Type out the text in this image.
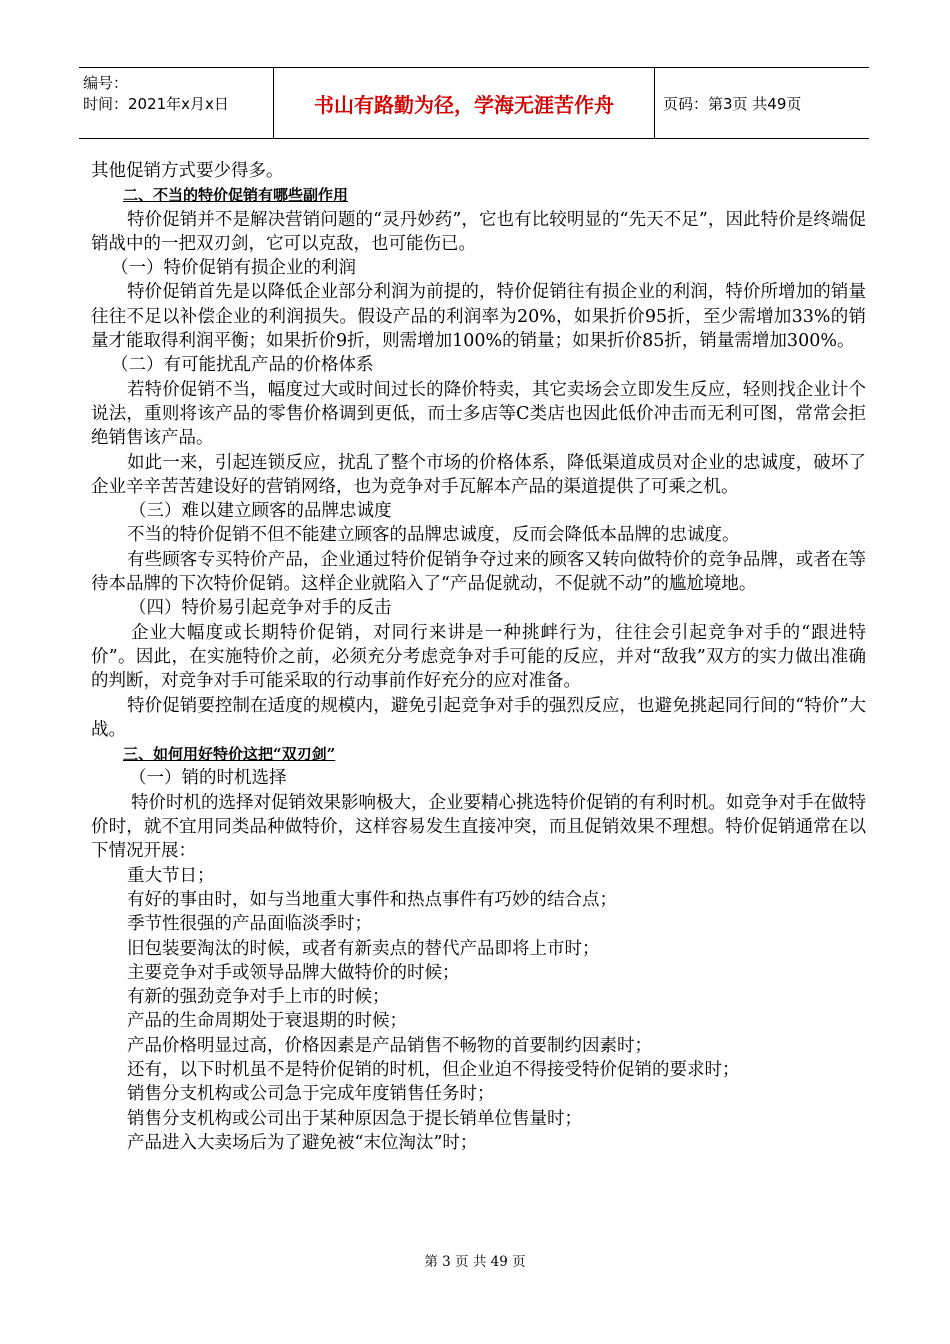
编号：
时间：2021年x月x日	书山有路勤为径，学海无涯苦作舟	页码：第3页 共49页

其他促销方式要少得多。

二、不当的特价促销有哪些副作用

特价促销并不是解决营销问题的“灵丹妙药”，它也有比较明显的“先天不足”，因此特价是终端促销战中的一把双刃剑，它可以克敌，也可能伤已。

（一）特价促销有损企业的利润

特价促销首先是以降低企业部分利润为前提的，特价促销往有损企业的利润，特价所增加的销量往往不足以补偿企业的利润损失。假设产品的利润率为20%，如果折价95折，至少需增加33%的销量才能取得利润平衡；如果折价9折，则需增加100%的销量；如果折价85折，销量需增加300%。

（二）有可能扰乱产品的价格体系

若特价促销不当，幅度过大或时间过长的降价特卖，其它卖场会立即发生反应，轻则找企业计个说法，重则将该产品的零售价格调到更低，而士多店等C类店也因此低价冲击而无利可图，常常会拒绝销售该产品。

如此一来，引起连锁反应，扰乱了整个市场的价格体系，降低渠道成员对企业的忠诚度，破坏了企业辛辛苦苦建设好的营销网络，也为竞争对手瓦解本产品的渠道提供了可乘之机。

（三）难以建立顾客的品牌忠诚度

不当的特价促销不但不能建立顾客的品牌忠诚度，反而会降低本品牌的忠诚度。

有些顾客专买特价产品，企业通过特价促销争夺过来的顾客又转向做特价的竞争品牌，或者在等待本品牌的下次特价促销。这样企业就陷入了“产品促就动，不促就不动”的尴尬境地。

（四）特价易引起竞争对手的反击

企业大幅度或长期特价促销，对同行来讲是一种挑衅行为，往往会引起竞争对手的“跟进特价”。因此，在实施特价之前，必须充分考虑竞争对手可能的反应，并对“敌我”双方的实力做出准确的判断，对竞争对手可能采取的行动事前作好充分的应对准备。

特价促销要控制在适度的规模内，避免引起竞争对手的强烈反应，也避免挑起同行间的“特价”大战。

三、如何用好特价这把“双刃剑”

（一）销的时机选择

特价时机的选择对促销效果影响极大，企业要精心挑选特价促销的有利时机。如竞争对手在做特价时，就不宜用同类品种做特价，这样容易发生直接冲突，而且促销效果不理想。特价促销通常在以下情况开展：

重大节日；

有好的事由时，如与当地重大事件和热点事件有巧妙的结合点；

季节性很强的产品面临淡季时；

旧包装要淘汰的时候，或者有新卖点的替代产品即将上市时；

主要竞争对手或领导品牌大做特价的时候；

有新的强劲竞争对手上市的时候；

产品的生命周期处于衰退期的时候；

产品价格明显过高，价格因素是产品销售不畅物的首要制约因素时；

还有，以下时机虽不是特价促销的时机，但企业迫不得接受特价促销的要求时；

销售分支机构或公司急于完成年度销售任务时；

销售分支机构或公司出于某种原因急于提长销单位售量时；

产品进入大卖场后为了避免被“末位淘汰”时；

第 3 页 共 49 页
